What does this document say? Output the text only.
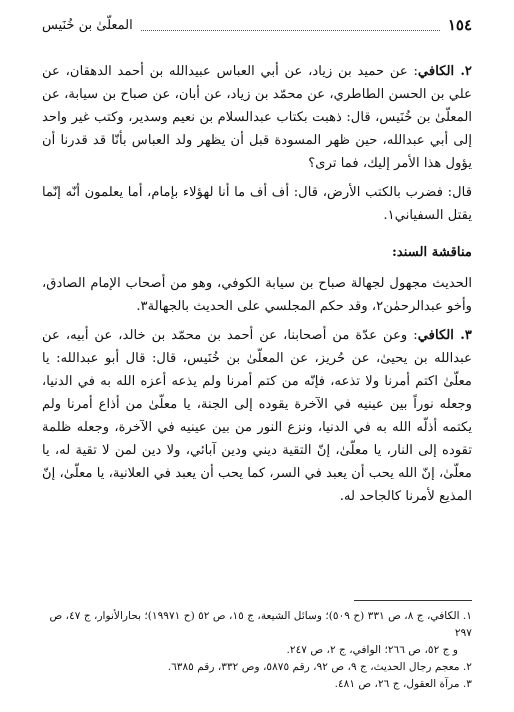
١٥٤
المعلّىٰ بن خُنَيس

٢. الكافي: عن حميد بن زياد، عن أبي العباس عبيدالله بن أحمد الدهقان، عن علي بن الحسن الطاطري، عن محمّد بن زياد، عن أبان، عن صباح بن سيابة، عن المعلّىٰ بن خُنَيس، قال: ذهبت بكتاب عبدالسلام بن نعيم وسدير، وكتب غير واحد إلى أبي عبدالله، حين ظهر المسودة قبل أن يظهر ولد العباس بأنّا قد قدرنا أن يؤول هذا الأمر إليك، فما ترى؟

قال: فضرب بالكتب الأرض، قال: أف أف ما أنا لهؤلاء بإمام، أما يعلمون أنّه إنّما يقتل السفياني١.

مناقشة السند:

الحديث مجهول لجهالة صباح بن سيابة الكوفي، وهو من أصحاب الإمام الصادق، وأخو عبدالرحمٰن٢، وقد حكم المجلسي على الحديث بالجهالة٣.

٣. الكافي: وعن عدّة من أصحابنا، عن أحمد بن محمّد بن خالد، عن أبيه، عن عبدالله بن يحيىٰ، عن حُريز، عن المعلّىٰ بن خُنَيس، قال: قال أبو عبدالله: يا معلّىٰ اكتم أمرنا ولا تذعه، فإنّه من كتم أمرنا ولم يذعه أعزه الله به في الدنيا، وجعله نوراً بين عينيه في الآخرة يقوده إلى الجنة، يا معلّىٰ من أذاع أمرنا ولم يكتمه أذلّه الله به في الدنيا، ونزع النور من بين عينيه في الآخرة، وجعله ظلمة تقوده إلى النار، يا معلّىٰ، إنّ التقية ديني ودين آبائي، ولا دين لمن لا تقية له، يا معلّىٰ، إنّ الله يحب أن يعبد في السر، كما يحب أن يعبد في العلانية، يا معلّىٰ، إنّ المذيع لأمرنا كالجاحد له.

١. الكافي، ج ٨، ص ٣٣١ (ح ٥٠٩)؛ وسائل الشيعة، ج ١٥، ص ٥٢ (ح ١٩٩٧١)؛ بحارالأنوار، ج ٤٧، ص ٢٩٧

و ج ٥٢، ص ٢٦٦؛ الوافي، ج ٢، ص ٢٤٧.

٢. معجم رجال الحديث، ج ٩، ص ٩٢، رقم ٥٨٧٥، وص ٣٣٢، رقم ٦٣٨٥.

٣. مرآة العقول، ج ٢٦، ص ٤٨١.
